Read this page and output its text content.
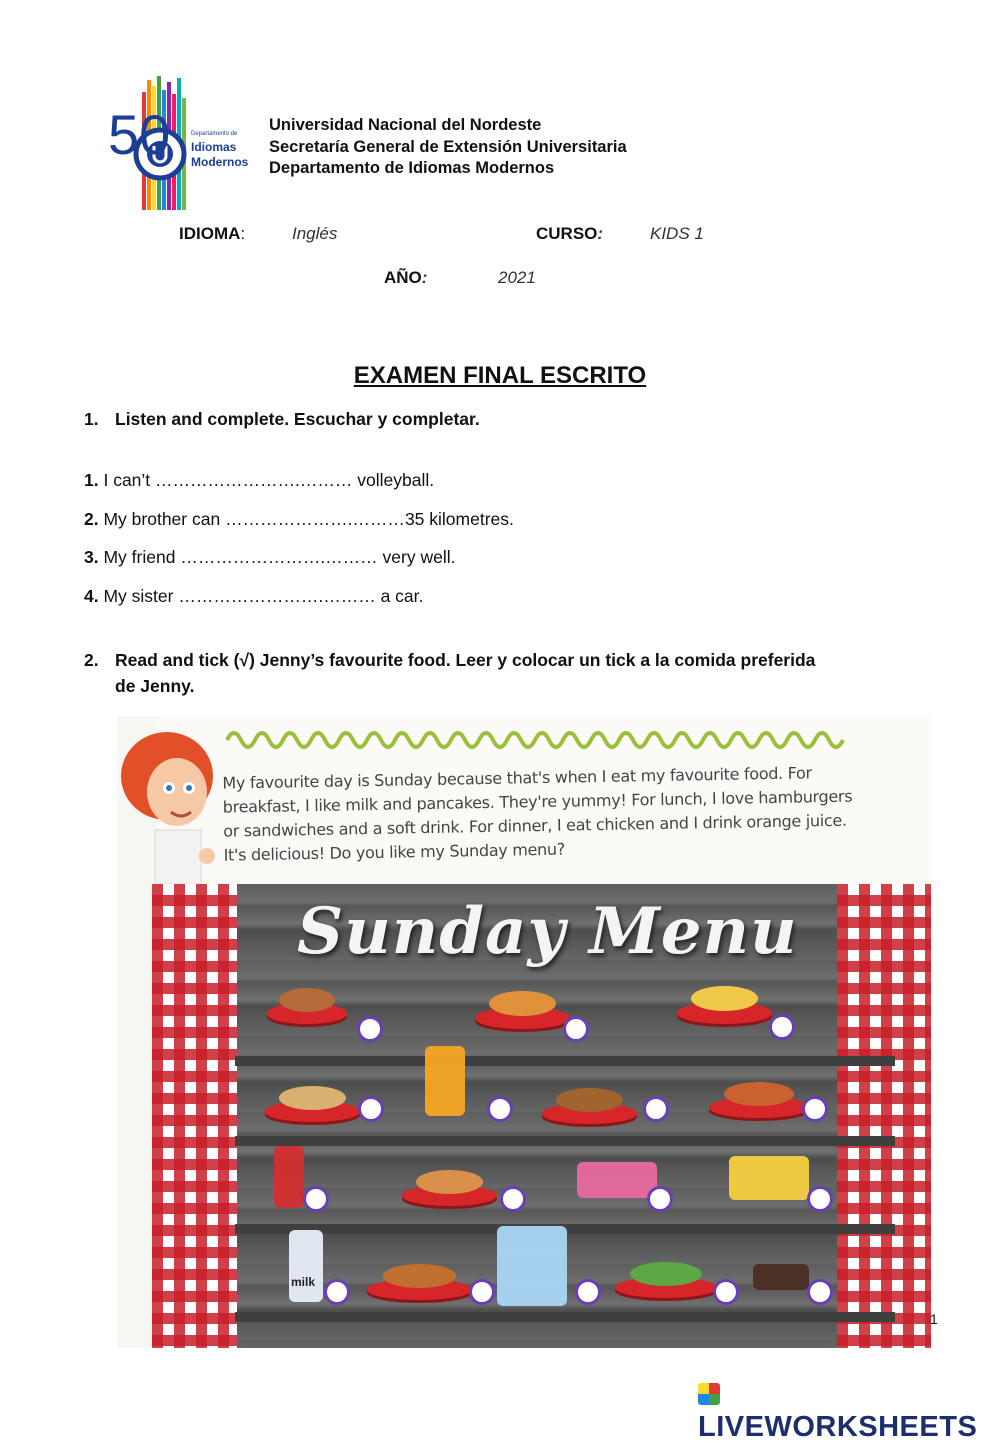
50	Departamento de
Idiomas
Modernos
Universidad Nacional del Nordeste
Secretaría General de Extensión Universitaria
Departamento de Idiomas Modernos
IDIOMA:	Inglés	CURSO:	KIDS 1
AÑO:	2021
EXAMEN FINAL ESCRITO
1. Listen and complete. Escuchar y completar.
1. I can’t …………………….……… volleyball.
2. My brother can ………………….………35 kilometres.
3. My friend …………………….……… very well.
4. My sister …………………….……… a car.
2. Read and tick (√) Jenny’s favourite food. Leer y colocar un tick a la comida preferida
de Jenny.
My favourite day is Sunday because that's when I eat my favourite food. For breakfast, I like milk and pancakes. They're yummy! For lunch, I love hamburgers or sandwiches and a soft drink. For dinner, I eat chicken and I drink orange juice. It's delicious! Do you like my Sunday menu?
Sunday Menu
milk
1
LIVEWORKSHEETS
